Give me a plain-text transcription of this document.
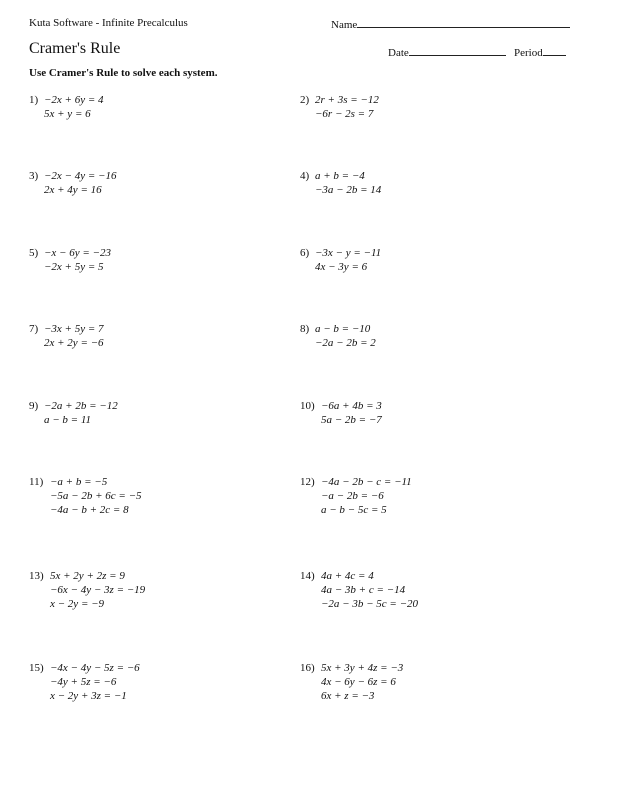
Kuta Software - Infinite Precalculus	Name
Cramer's Rule	Date	Period
Use Cramer's Rule to solve each system.
1) −2x + 6y = 4
5x + y = 6
2) 2r + 3s = −12
−6r − 2s = 7
3) −2x − 4y = −16
2x + 4y = 16
4) a + b = −4
−3a − 2b = 14
5) −x − 6y = −23
−2x + 5y = 5
6) −3x − y = −11
4x − 3y = 6
7) −3x + 5y = 7
2x + 2y = −6
8) a − b = −10
−2a − 2b = 2
9) −2a + 2b = −12
a − b = 11
10) −6a + 4b = 3
5a − 2b = −7
11) −a + b = −5
−5a − 2b + 6c = −5
−4a − b + 2c = 8
12) −4a − 2b − c = −11
−a − 2b = −6
a − b − 5c = 5
13) 5x + 2y + 2z = 9
−6x − 4y − 3z = −19
x − 2y = −9
14) 4a + 4c = 4
4a − 3b + c = −14
−2a − 3b − 5c = −20
15) −4x − 4y − 5z = −6
−4y + 5z = −6
x − 2y + 3z = −1
16) 5x + 3y + 4z = −3
4x − 6y − 6z = 6
6x + z = −3
